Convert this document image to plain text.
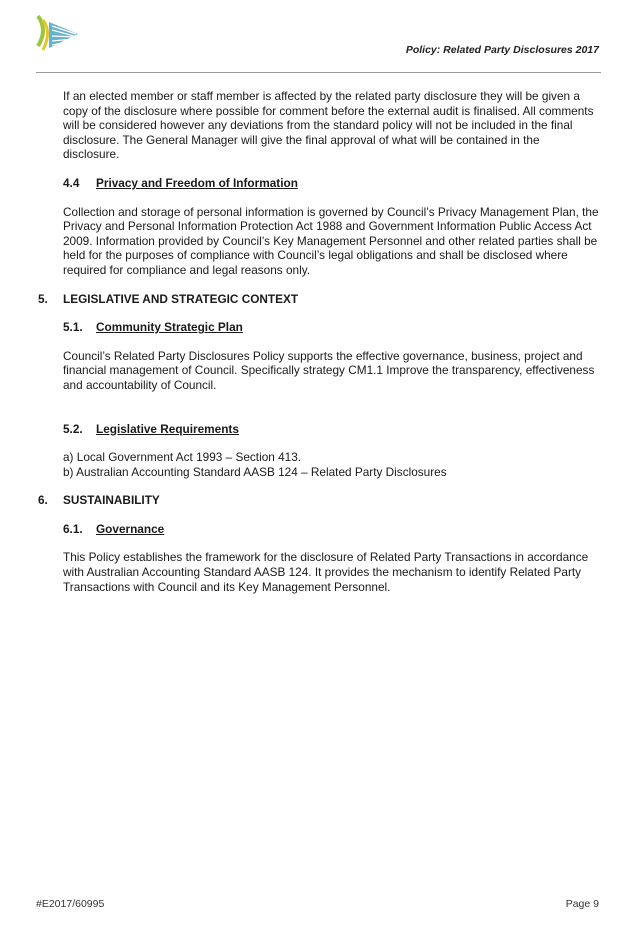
Policy: Related Party Disclosures 2017

If an elected member or staff member is affected by the related party disclosure they will be given a copy of the disclosure where possible for comment before the external audit is finalised. All comments will be considered however any deviations from the standard policy will not be included in the final disclosure. The General Manager will give the final approval of what will be contained in the disclosure.

4.4	Privacy and Freedom of Information

Collection and storage of personal information is governed by Council’s Privacy Management Plan, the Privacy and Personal Information Protection Act 1988 and Government Information Public Access Act 2009. Information provided by Council’s Key Management Personnel and other related parties shall be held for the purposes of compliance with Council’s legal obligations and shall be disclosed where required for compliance and legal reasons only.

5.	LEGISLATIVE AND STRATEGIC CONTEXT
5.1.	Community Strategic Plan

Council’s Related Party Disclosures Policy supports the effective governance, business, project and financial management of Council. Specifically strategy CM1.1 Improve the transparency, effectiveness and accountability of Council.

5.2.	Legislative Requirements

a) Local Government Act 1993 – Section 413.

b) Australian Accounting Standard AASB 124 – Related Party Disclosures

6.	SUSTAINABILITY
6.1.	Governance

This Policy establishes the framework for the disclosure of Related Party Transactions in accordance with Australian Accounting Standard AASB 124. It provides the mechanism to identify Related Party Transactions with Council and its Key Management Personnel.

#E2017/60995	Page 9
